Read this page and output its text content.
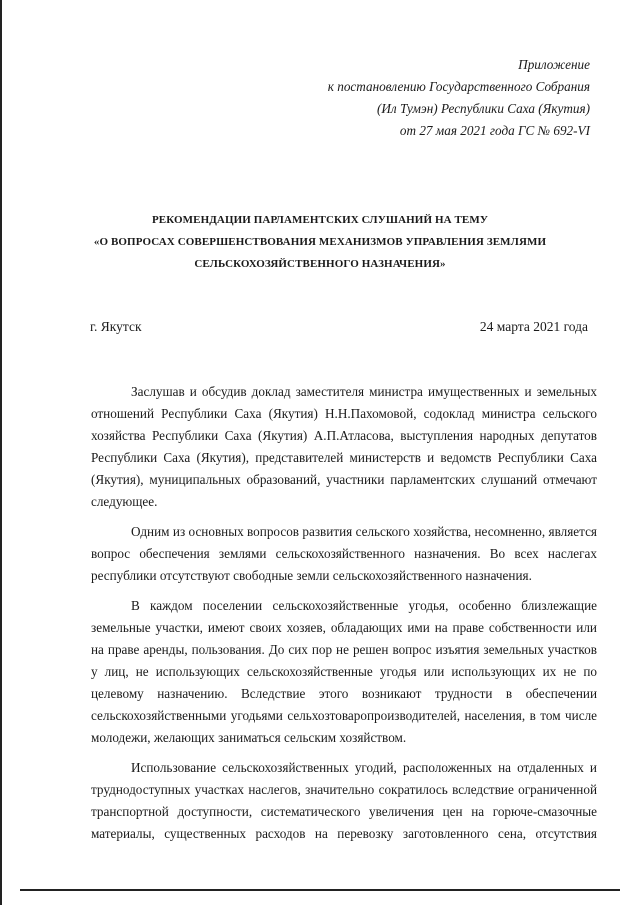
Приложение
к постановлению Государственного Собрания
(Ил Тумэн) Республики Саха (Якутия)
от 27 мая 2021 года ГС № 692-VI
РЕКОМЕНДАЦИИ ПАРЛАМЕНТСКИХ СЛУШАНИЙ НА ТЕМУ
«О ВОПРОСАХ СОВЕРШЕНСТВОВАНИЯ МЕХАНИЗМОВ УПРАВЛЕНИЯ ЗЕМЛЯМИ
СЕЛЬСКОХОЗЯЙСТВЕННОГО НАЗНАЧЕНИЯ»
г. Якутск	24 марта 2021 года

Заслушав и обсудив доклад заместителя министра имущественных и земельных отношений Республики Саха (Якутия) Н.Н.Пахомовой, содоклад министра сельского хозяйства Республики Саха (Якутия) А.П.Атласова, выступления народных депутатов Республики Саха (Якутия), представителей министерств и ведомств Республики Саха (Якутия), муниципальных образований, участники парламентских слушаний отмечают следующее.

Одним из основных вопросов развития сельского хозяйства, несомненно, является вопрос обеспечения землями сельскохозяйственного назначения. Во всех наслегах республики отсутствуют свободные земли сельскохозяйственного назначения.

В каждом поселении сельскохозяйственные угодья, особенно близлежащие земельные участки, имеют своих хозяев, обладающих ими на праве собственности или на праве аренды, пользования. До сих пор не решен вопрос изъятия земельных участков у лиц, не использующих сельскохозяйственные угодья или использующих их не по целевому назначению. Вследствие этого возникают трудности в обеспечении сельскохозяйственными угодьями сельхозтоваропроизводителей, населения, в том числе молодежи, желающих заниматься сельским хозяйством.

Использование сельскохозяйственных угодий, расположенных на отдаленных и труднодоступных участках наслегов, значительно сократилось вследствие ограниченной транспортной доступности, систематического увеличения цен на горюче-смазочные материалы, существенных расходов на перевозку заготовленного сена, отсутствия
